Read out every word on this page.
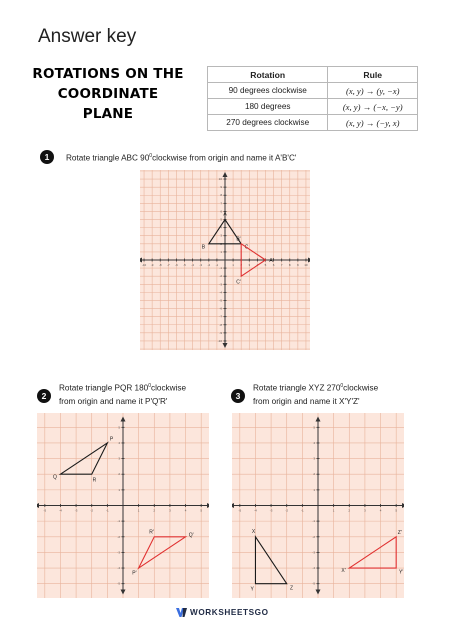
Answer key
ROTATIONS ON THE
COORDINATE
PLANE
Rotation	Rule
90 degrees clockwise	(x, y) → (y, −x)
180 degrees	(x, y) → (−x, −y)
270 degrees clockwise	(x, y) → (−y, x)
1	Rotate triangle ABC $90^0clockwise$ from origin and name it A'B'C'
-10
-10
-9
-9
-8
-8
-7
-7
-6
-6
-5
-5
-4
-4
-3
-3
-2
-2
-1
-1
1
1
2
2
3
3
4
4
5
5
6
6
7
7
8
8
9
9
10
10
A
B	C
A'
B'
C'
2
Rotate triangle PQR $180^0clockwise$
from origin and name it P'Q'R'
-5
-5
-4
-4
-3
-3
-2
-2
-1
-1
1
1
2
2
3
3
4
4
5
5
P
Q
R
P'
Q'
R'
3
Rotate triangle XYZ $270^0clockwise$
from origin and name it X'Y'Z'
-5
-5
-4
-4
-3
-3
-2
-2
-1
-1
1
1
2
2
3
3
4
4
5
5
X
Y	Z
X'	Y'
Z'
WORKSHEETSGO
